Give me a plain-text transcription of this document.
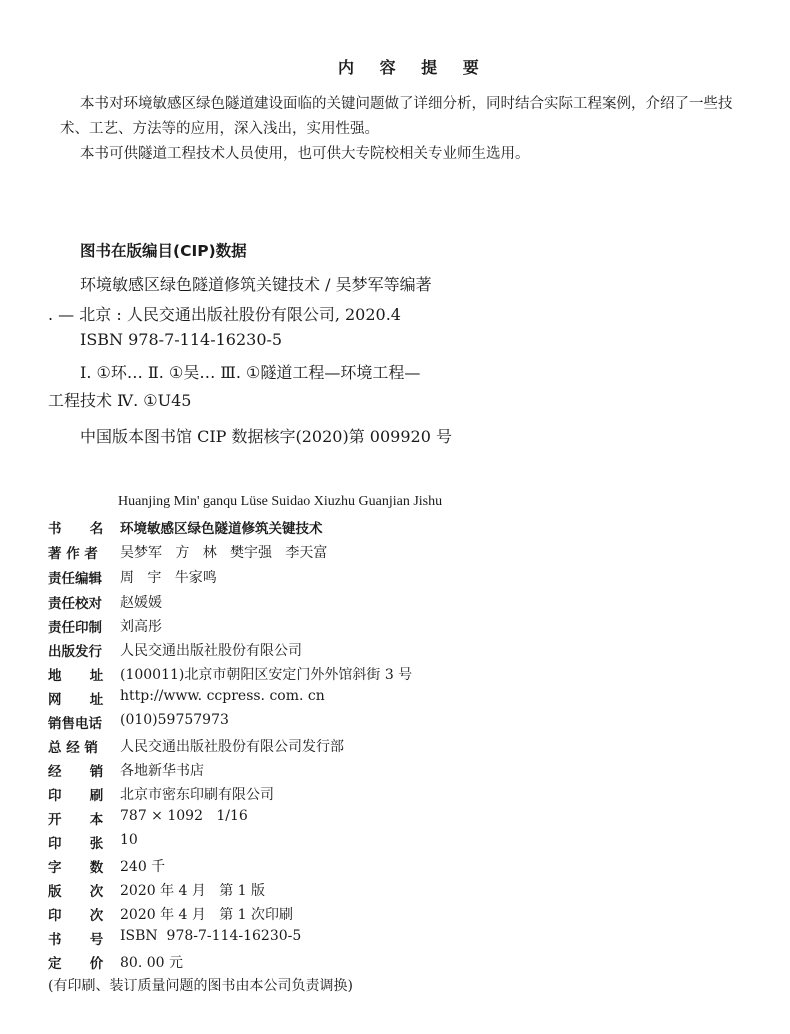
内 容 提 要
本书对环境敏感区绿色隧道建设面临的关键问题做了详细分析，同时结合实际工程案例，介绍了一些技
术、工艺、方法等的应用，深入浅出，实用性强。
本书可供隧道工程技术人员使用，也可供大专院校相关专业师生选用。
图书在版编目(CIP)数据
环境敏感区绿色隧道修筑关键技术 / 吴梦军等编著
. — 北京 : 人民交通出版社股份有限公司, 2020.4
ISBN 978-7-114-16230-5
Ⅰ. ①环… Ⅱ. ①吴… Ⅲ. ①隧道工程—环境工程—
工程技术 Ⅳ. ①U45
中国版本图书馆 CIP 数据核字(2020)第 009920 号
Huanjing Min' ganqu Lüse Suidao Xiuzhu Guanjian Jishu
书      名	环境敏感区绿色隧道修筑关键技术
著 作 者	吴梦军   方   林   樊宇强   李天富
责任编辑	周   宇   牛家鸣
责任校对	赵媛媛
责任印制	刘高彤
出版发行	人民交通出版社股份有限公司
地      址	(100011)北京市朝阳区安定门外外馆斜街 3 号
网      址	http://www. ccpress. com. cn
销售电话	(010)59757973
总 经 销	人民交通出版社股份有限公司发行部
经      销	各地新华书店
印      刷	北京市密东印刷有限公司
开      本	787 × 1092   1/16
印      张	10
字      数	240 千
版      次	2020 年 4 月   第 1 版
印      次	2020 年 4 月   第 1 次印刷
书      号	ISBN  978-7-114-16230-5
定      价	80. 00 元
(有印刷、装订质量问题的图书由本公司负责调换)
